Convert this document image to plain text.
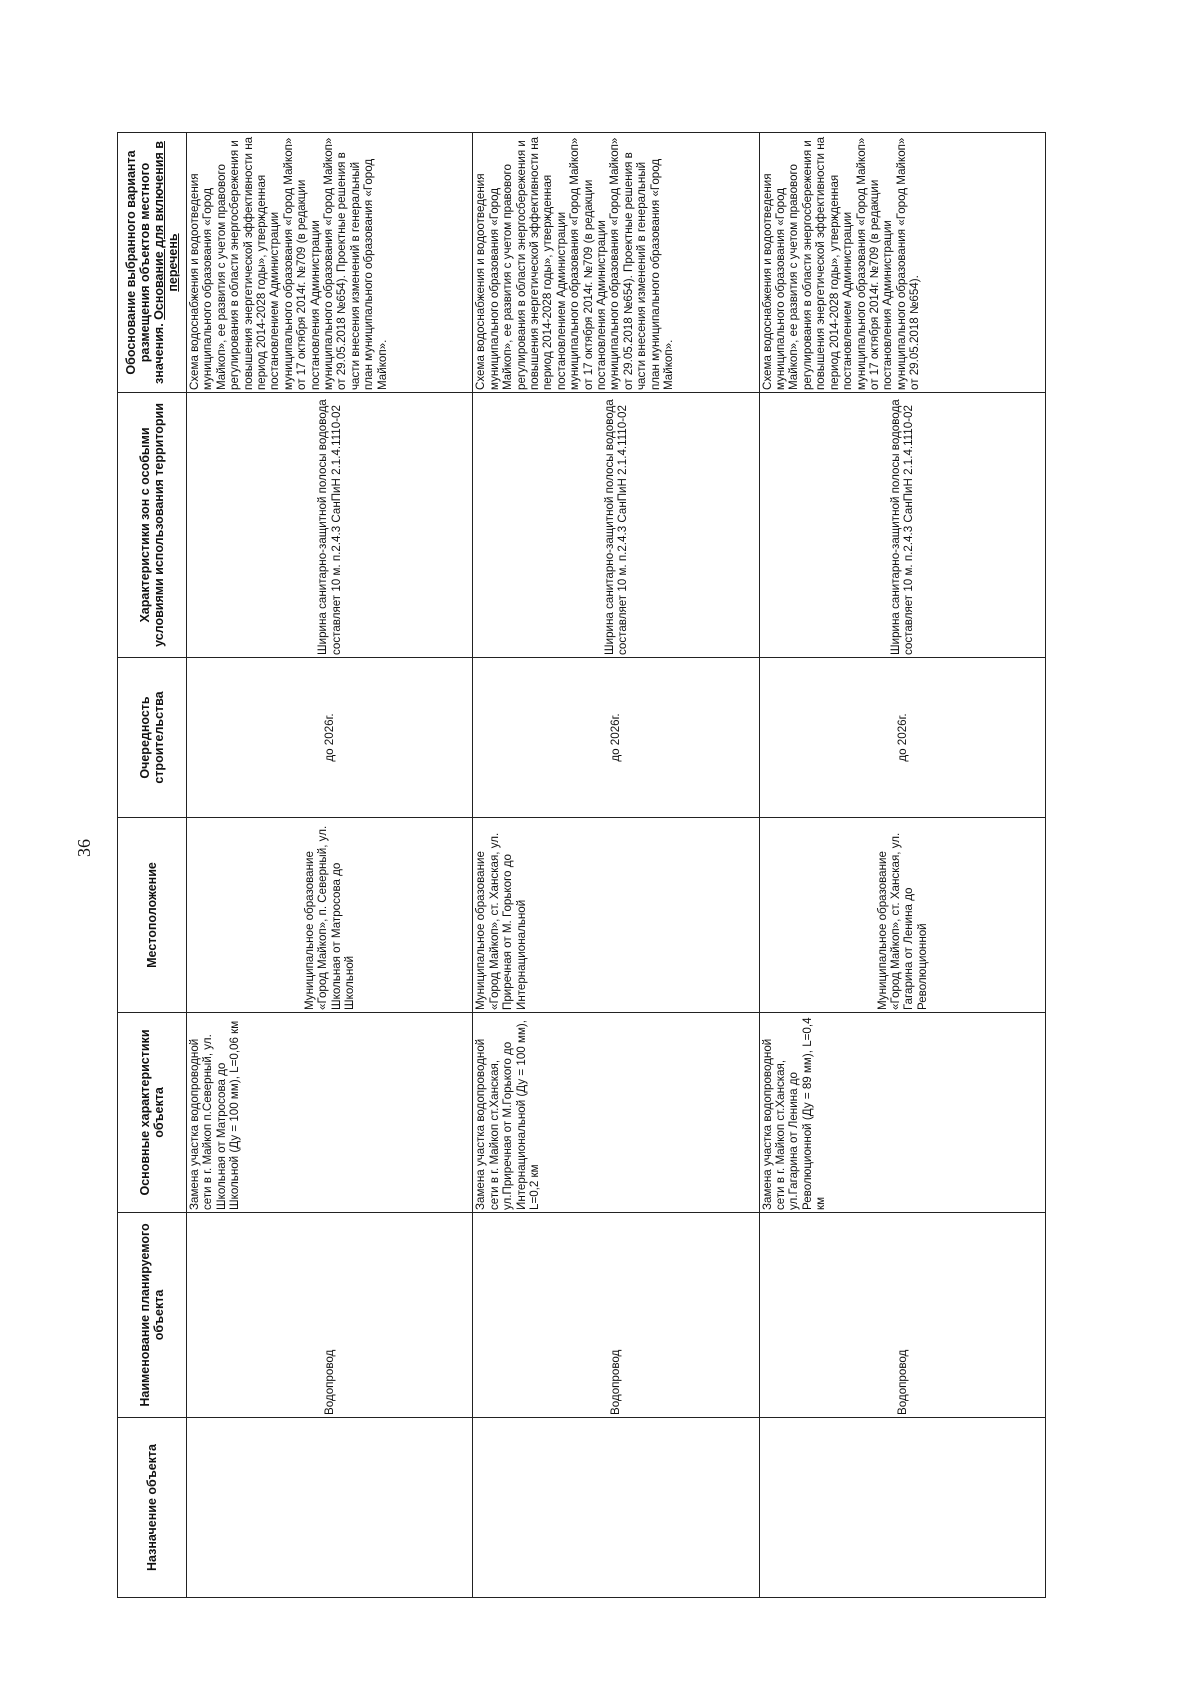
36
Назначение объекта	Наименование планируемого объекта	Основные характеристики объекта	Местоположение	Очередность строительства	Характеристики зон с особыми условиями использования территории	Обоснование выбранного варианта размещения объектов местного значения. Основание для включения в перечень
	Водопровод	Замена участка водопроводной сети в г. Майкоп п.Северный, ул. Школьная от Матросова до Школьной (Ду = 100 мм), L=0,06 км	Муниципальное образование «Город Майкоп», п. Северный, ул. Школьная от Матросова до Школьной	до 2026г.	Ширина санитарно-защитной полосы водовода составляет 10 м. п.2.4.3 СанПиН 2.1.4.1110-02	Схема водоснабжения и водоотведения муниципального образования «Город Майкоп», ее развития с учетом правового регулирования в области энергосбережения и повышения энергетической эффективности на период 2014-2028 годы», утвержденная постановлением Администрации муниципального образования «Город Майкоп» от 17 октября 2014г. №709 (в редакции постановления Администрации муниципального образования «Город Майкоп» от 29.05.2018 №654). Проектные решения в части внесения изменений в генеральный план муниципального образования «Город Майкоп».
	Водопровод	Замена участка водопроводной сети в г. Майкоп ст.Ханская, ул.Приречная от М.Горького до Интернациональной (Ду = 100 мм), L=0,2 км	Муниципальное образование «Город Майкоп», ст. Ханская, ул. Приречная от М. Горького до Интернациональной	до 2026г.	Ширина санитарно-защитной полосы водовода составляет 10 м. п.2.4.3 СанПиН 2.1.4.1110-02	Схема водоснабжения и водоотведения муниципального образования «Город Майкоп», ее развития с учетом правового регулирования в области энергосбережения и повышения энергетической эффективности на период 2014-2028 годы», утвержденная постановлением Администрации муниципального образования «Город Майкоп» от 17 октября 2014г. №709 (в редакции постановления Администрации муниципального образования «Город Майкоп» от 29.05.2018 №654). Проектные решения в части внесения изменений в генеральный план муниципального образования «Город Майкоп».
	Водопровод	Замена участка водопроводной сети в г. Майкоп ст.Ханская, ул.Гагарина от Ленина до Революционной (Ду = 89 мм), L=0,4 км	Муниципальное образование «Город Майкоп», ст. Ханская, ул. Гагарина от Ленина до Революционной	до 2026г.	Ширина санитарно-защитной полосы водовода составляет 10 м. п.2.4.3 СанПиН 2.1.4.1110-02	Схема водоснабжения и водоотведения муниципального образования «Город Майкоп», ее развития с учетом правового регулирования в области энергосбережения и повышения энергетической эффективности на период 2014-2028 годы», утвержденная постановлением Администрации муниципального образования «Город Майкоп» от 17 октября 2014г. №709 (в редакции постановления Администрации муниципального образования «Город Майкоп» от 29.05.2018 №654).
